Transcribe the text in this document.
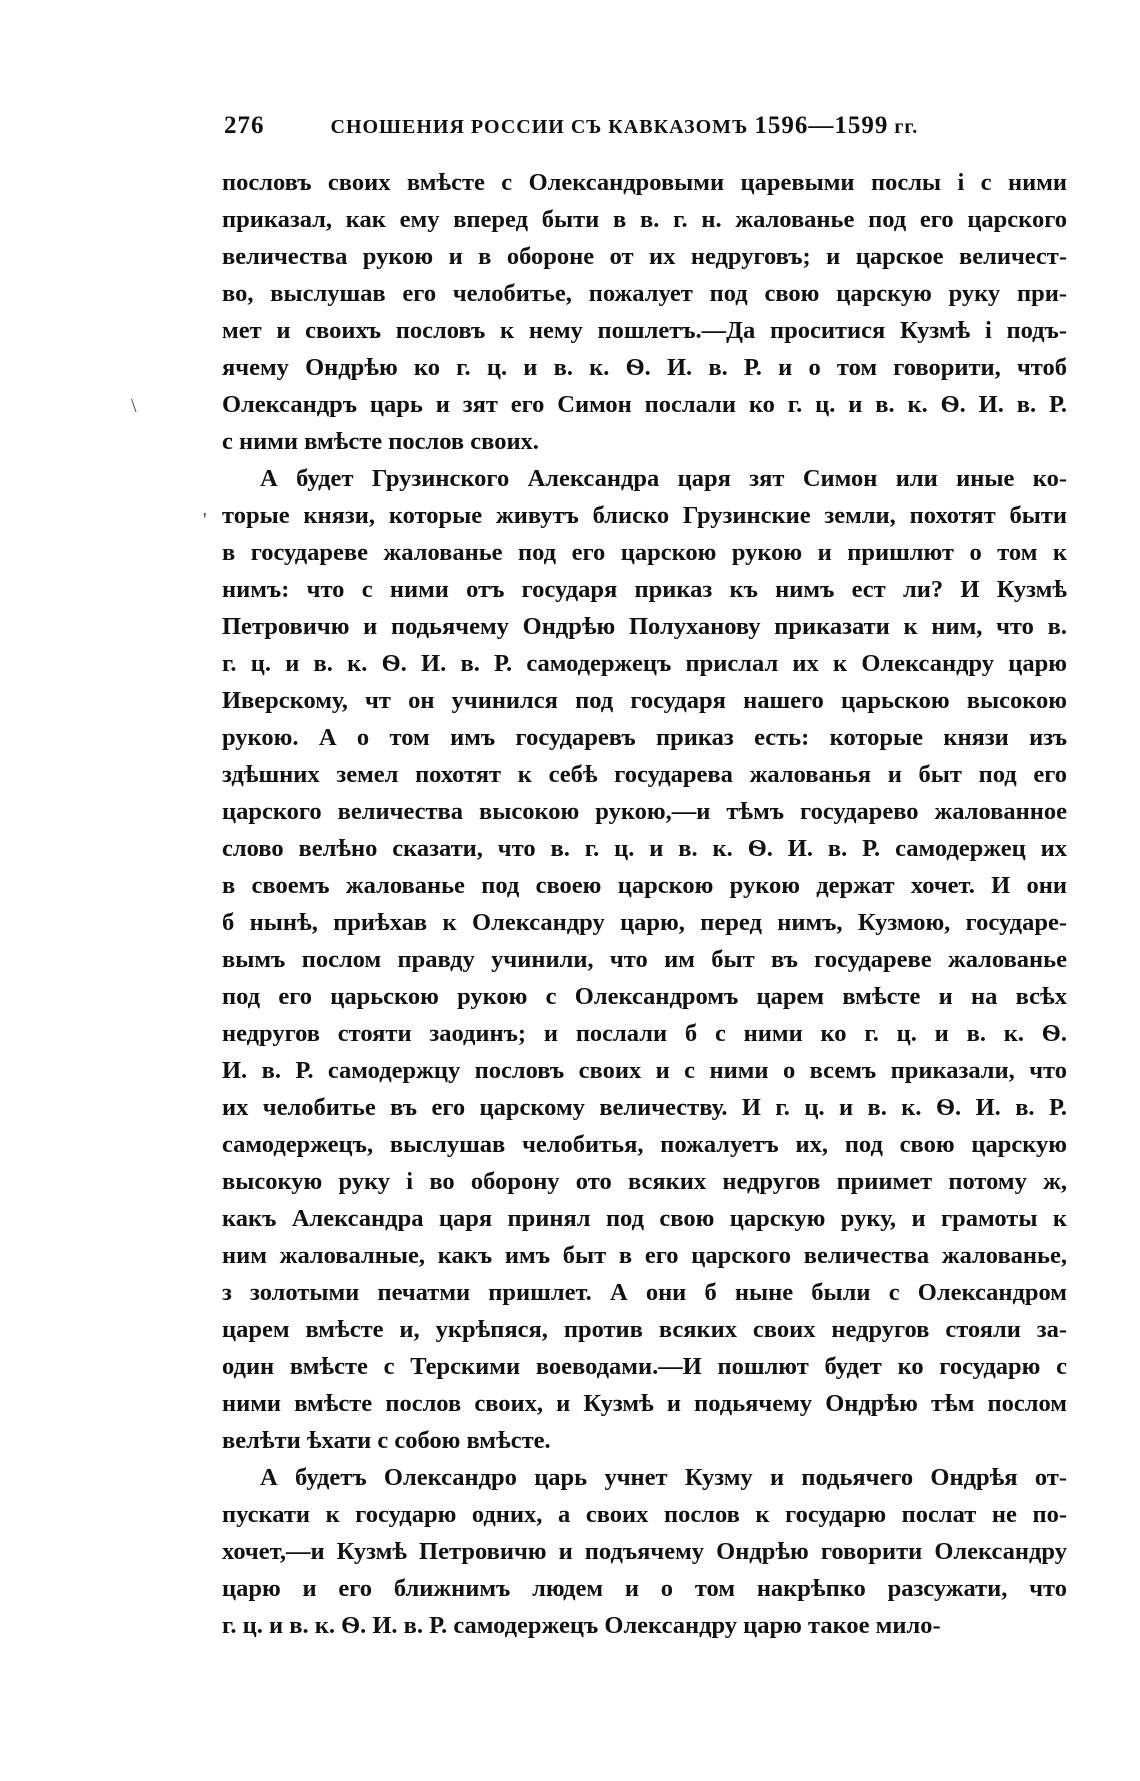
276	СНОШЕНИЯ РОССИИ СЪ КАВКАЗОМЪ 1596—1599 гг.
\
'
пословъ своих вмѣсте с Олександровыми царевыми послы і с ними
приказал, как ему вперед быти в в. г. н. жалованье под его царского
величества рукою и в обороне от их недруговъ; и царское величест-
во, выслушав его челобитье, пожалует под свою царскую руку при-
мет и своихъ пословъ к нему пошлетъ.—Да проситися Кузмѣ і подъ-
ячему Ондрѣю ко г. ц. и в. к. Ѳ. И. в. Р. и о том говорити, чтоб
Олександръ царь и зят его Симон послали ко г. ц. и в. к. Ѳ. И. в. Р.
с ними вмѣсте послов своих.
А будет Грузинского Александра царя зят Симон или иные ко-
торые князи, которые живутъ блиско Грузинские земли, похотят быти
в государеве жалованье под его царскою рукою и пришлют о том к
нимъ: что с ними отъ государя приказ къ нимъ ест ли? И Кузмѣ
Петровичю и подьячему Ондрѣю Полуханову приказати к ним, что в.
г. ц. и в. к. Ѳ. И. в. Р. самодержецъ прислал их к Олександру царю
Иверскому, чт он учинился под государя нашего царьскою высокою
рукою. А о том имъ государевъ приказ есть: которые князи изъ
здѣшних земел похотят к себѣ государева жалованья и быт под его
царского величества высокою рукою,—и тѣмъ государево жалованное
слово велѣно сказати, что в. г. ц. и в. к. Ѳ. И. в. Р. самодержец их
в своемъ жалованье под своею царскою рукою держат хочет. И они
б нынѣ, приѣхав к Олександру царю, перед нимъ, Кузмою, государе-
вымъ послом правду учинили, что им быт въ государеве жалованье
под его царьскою рукою с Олександромъ царем вмѣсте и на всѣх
недругов стояти заодинъ; и послали б с ними ко г. ц. и в. к. Ѳ.
И. в. Р. самодержцу пословъ своих и с ними о всемъ приказали, что
их челобитье въ его царскому величеству. И г. ц. и в. к. Ѳ. И. в. Р.
самодержецъ, выслушав челобитья, пожалуетъ их, под свою царскую
высокую руку і во оборону ото всяких недругов приимет потому ж,
какъ Александра царя принял под свою царскую руку, и грамоты к
ним жаловалные, какъ имъ быт в его царского величества жалованье,
з золотыми печатми пришлет. А они б ныне были с Олександром
царем вмѣсте и, укрѣпяся, против всяких своих недругов стояли за-
один вмѣсте с Терскими воеводами.—И пошлют будет ко государю с
ними вмѣсте послов своих, и Кузмѣ и подьячему Ондрѣю тѣм послом
велѣти ѣхати с собою вмѣсте.
А будетъ Олександро царь учнет Кузму и подьячего Ондрѣя от-
пускати к государю одних, а своих послов к государю послат не по-
хочет,—и Кузмѣ Петровичю и подъячему Ондрѣю говорити Олександру
царю и его ближнимъ людем и о том накрѣпко разсужати, что
г. ц. и в. к. Ѳ. И. в. Р. самодержецъ Олександру царю такое мило-
